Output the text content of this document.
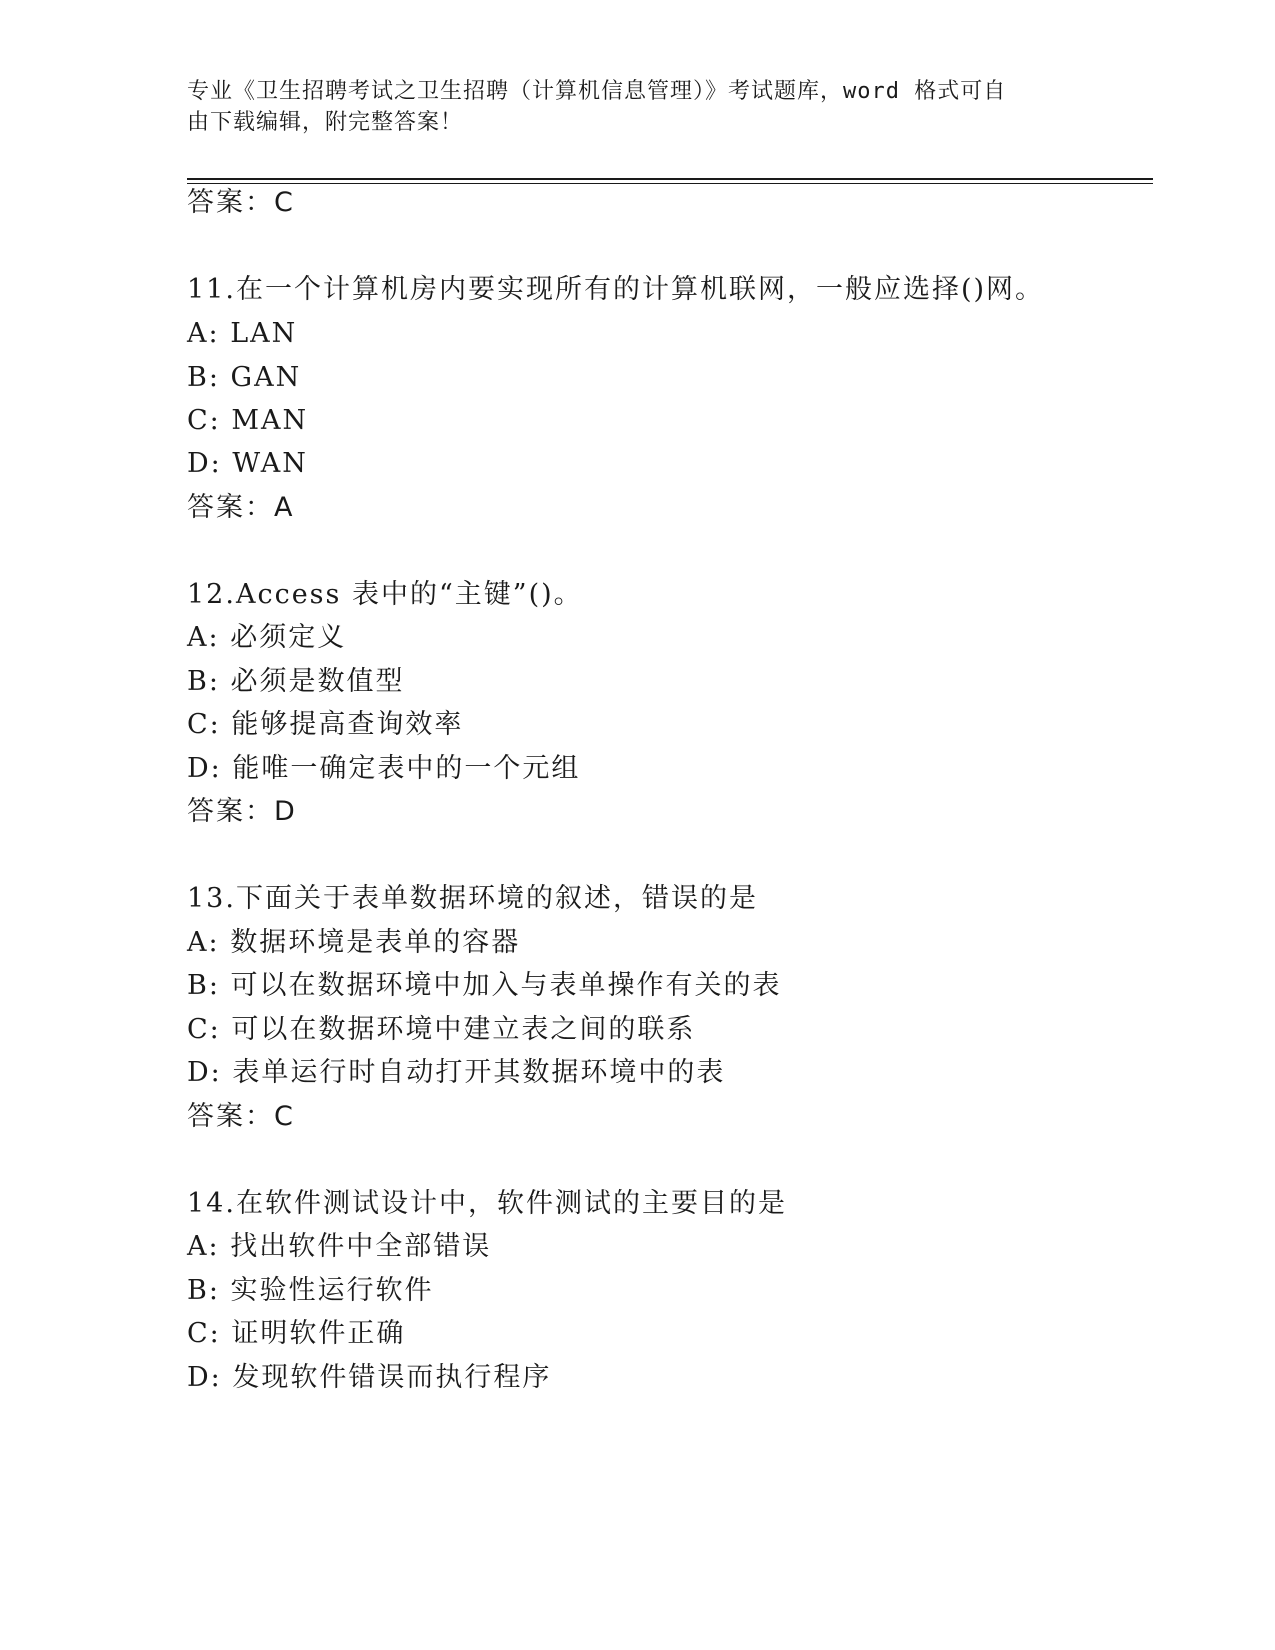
专业《卫生招聘考试之卫生招聘（计算机信息管理）》考试题库，word 格式可自
由下载编辑，附完整答案！
答案：C
11.在一个计算机房内要实现所有的计算机联网，一般应选择()网。
A: LAN
B: GAN
C: MAN
D: WAN
答案：A
12.Access 表中的“主键”()。
A: 必须定义
B: 必须是数值型
C: 能够提高查询效率
D: 能唯一确定表中的一个元组
答案：D
13.下面关于表单数据环境的叙述，错误的是
A: 数据环境是表单的容器
B: 可以在数据环境中加入与表单操作有关的表
C: 可以在数据环境中建立表之间的联系
D: 表单运行时自动打开其数据环境中的表
答案：C
14.在软件测试设计中，软件测试的主要目的是
A: 找出软件中全部错误
B: 实验性运行软件
C: 证明软件正确
D: 发现软件错误而执行程序
